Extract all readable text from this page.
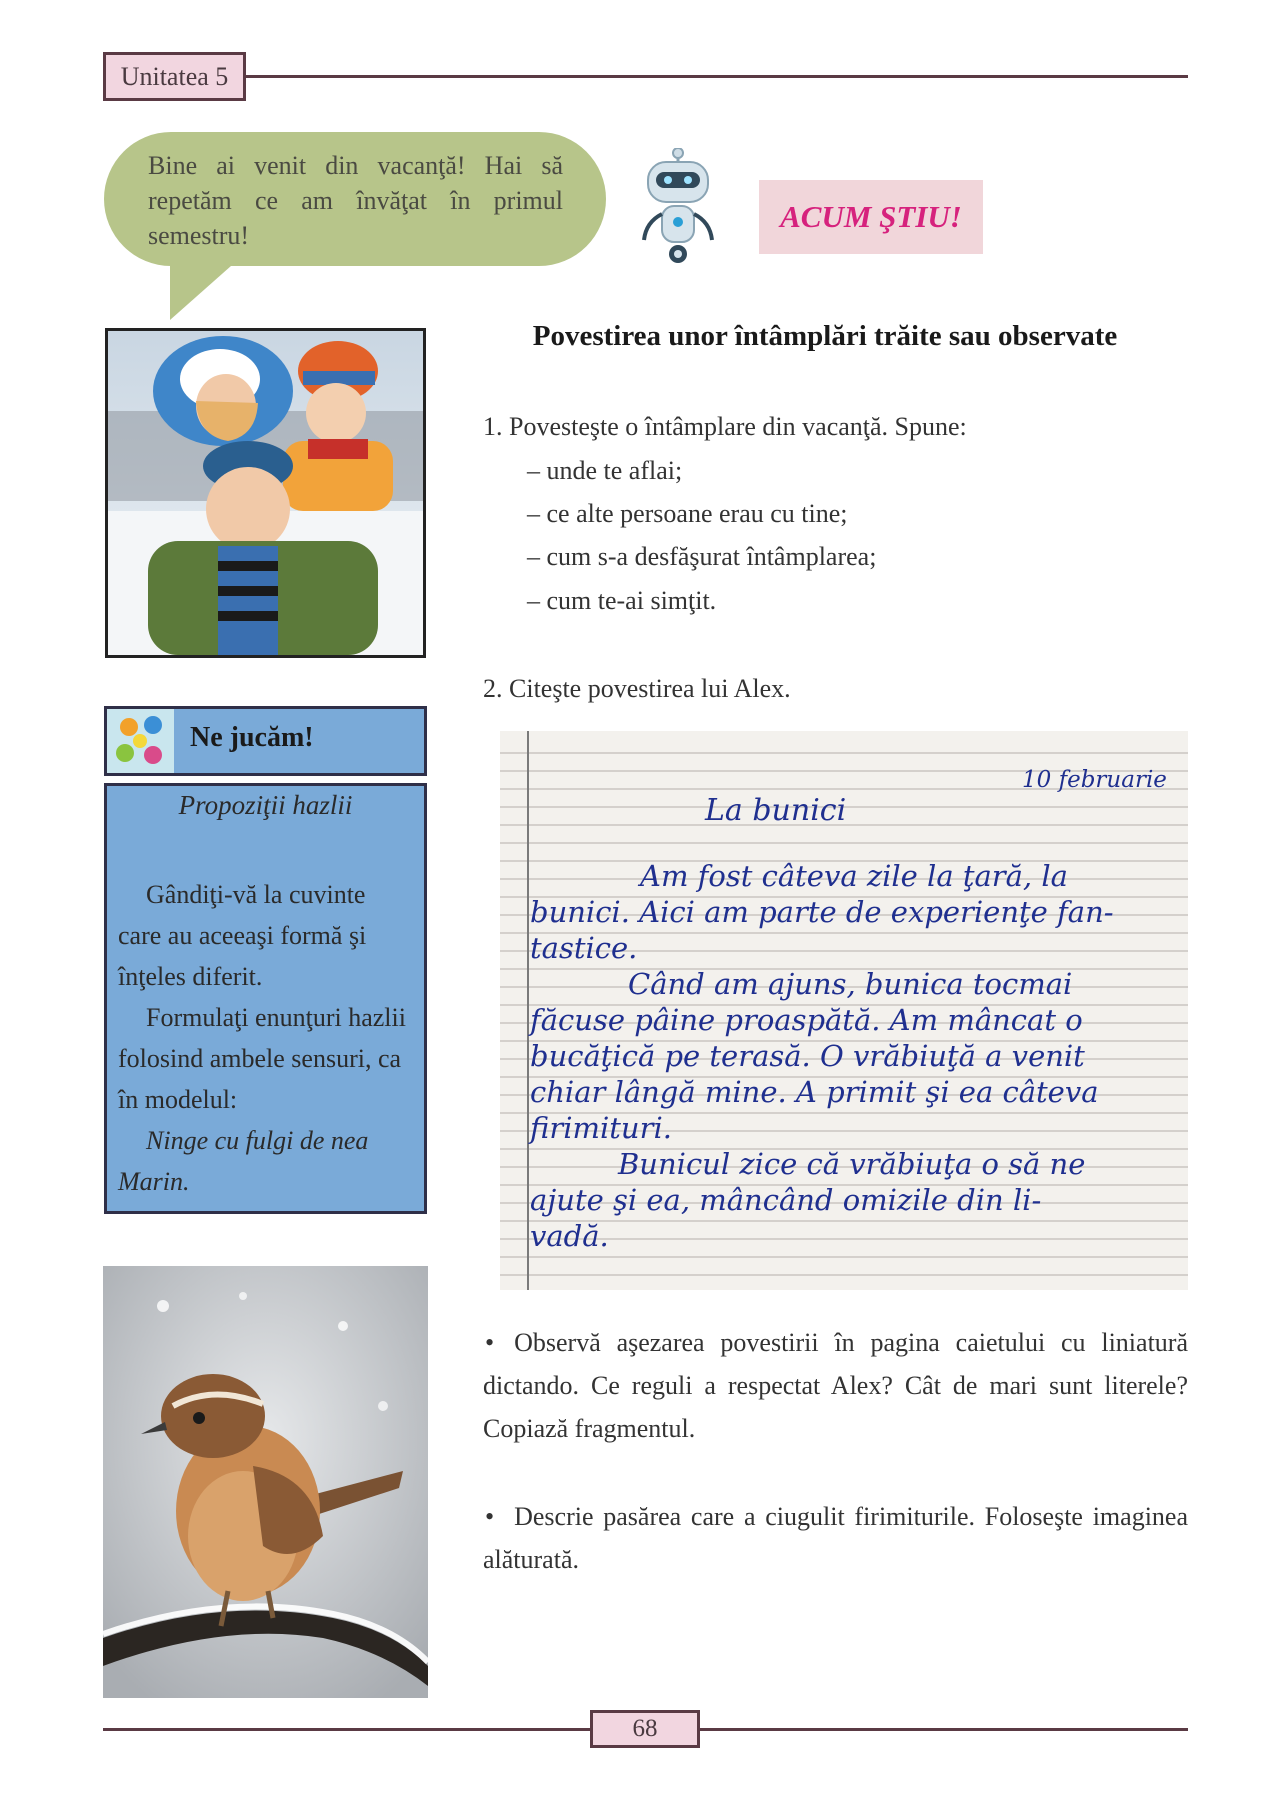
Unitatea 5
Bine ai venit din vacanţă! Hai să repetăm ce am învăţat în primul semestru!
ACUM ŞTIU!
Povestirea unor întâmplări trăite sau observate
1. Povesteşte o întâmplare din vacanţă. Spune:
– unde te aflai;
– ce alte persoane erau cu tine;
– cum s-a desfăşurat întâmplarea;
– cum te-ai simţit.
2. Citeşte povestirea lui Alex.
Ne jucăm!
Propoziţii hazlii
Gândiţi-vă la cuvinte care au aceeaşi formă şi înţeles diferit.
Formulaţi enunţuri hazlii folosind ambele sensuri, ca în modelul:
Ninge cu fulgi de nea Marin.
10 februarie
La bunici
Am fost câteva zile la ţară, la
bunici. Aici am parte de experienţe fan-
tastice.
Când am ajuns, bunica tocmai
făcuse pâine proaspătă. Am mâncat o
bucăţică pe terasă. O vrăbiuţă a venit
chiar lângă mine. A primit şi ea câteva
firimituri.
Bunicul zice că vrăbiuţa o să ne
ajute şi ea, mâncând omizile din li-
vadă.
• Observă aşezarea povestirii în pagina caietului cu liniatură dictando. Ce reguli a respectat Alex? Cât de mari sunt literele? Copiază fragmentul.
• Descrie pasărea care a ciugulit firimiturile. Foloseşte imaginea alăturată.
68
